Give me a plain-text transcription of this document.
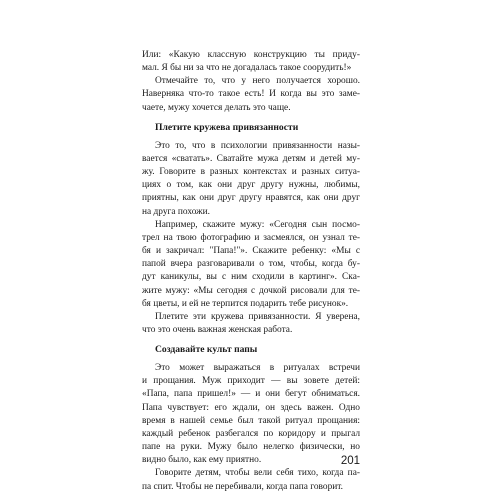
Или: «Какую классную конструкцию ты приду-
мал. Я бы ни за что не догадалась такое соорудить!»

Отмечайте то, что у него получается хорошо.
Наверняка что-то такое есть! И когда вы это заме-
чаете, мужу хочется делать это чаще.

Плетите кружева привязанности

Это то, что в психологии привязанности назы-
вается «сватать». Сватайте мужа детям и детей му-
жу. Говорите в разных контекстах и разных ситуа-
циях о том, как они друг другу нужны, любимы,
приятны, как они друг другу нравятся, как они друг
на друга похожи.

Например, скажите мужу: «Сегодня сын посмо-
трел на твою фотографию и засмеялся, он узнал те-
бя и закричал: "Папа!"». Скажите ребенку: «Мы с
папой вчера разговаривали о том, чтобы, когда бу-
дут каникулы, вы с ним сходили в картинг». Ска-
жите мужу: «Мы сегодня с дочкой рисовали для те-
бя цветы, и ей не терпится подарить тебе рисунок».

Плетите эти кружева привязанности. Я уверена,
что это очень важная женская работа.

Создавайте культ папы

Это может выражаться в ритуалах встречи
и прощания. Муж приходит — вы зовете детей:
«Папа, папа пришел!» — и они бегут обниматься.
Папа чувствует: его ждали, он здесь важен. Одно
время в нашей семье был такой ритуал прощания:
каждый ребенок разбегался по коридору и прыгал
папе на руки. Мужу было нелегко физически, но
видно было, как ему приятно.

Говорите детям, чтобы вели себя тихо, когда па-
па спит. Чтобы не перебивали, когда папа говорит.

201
